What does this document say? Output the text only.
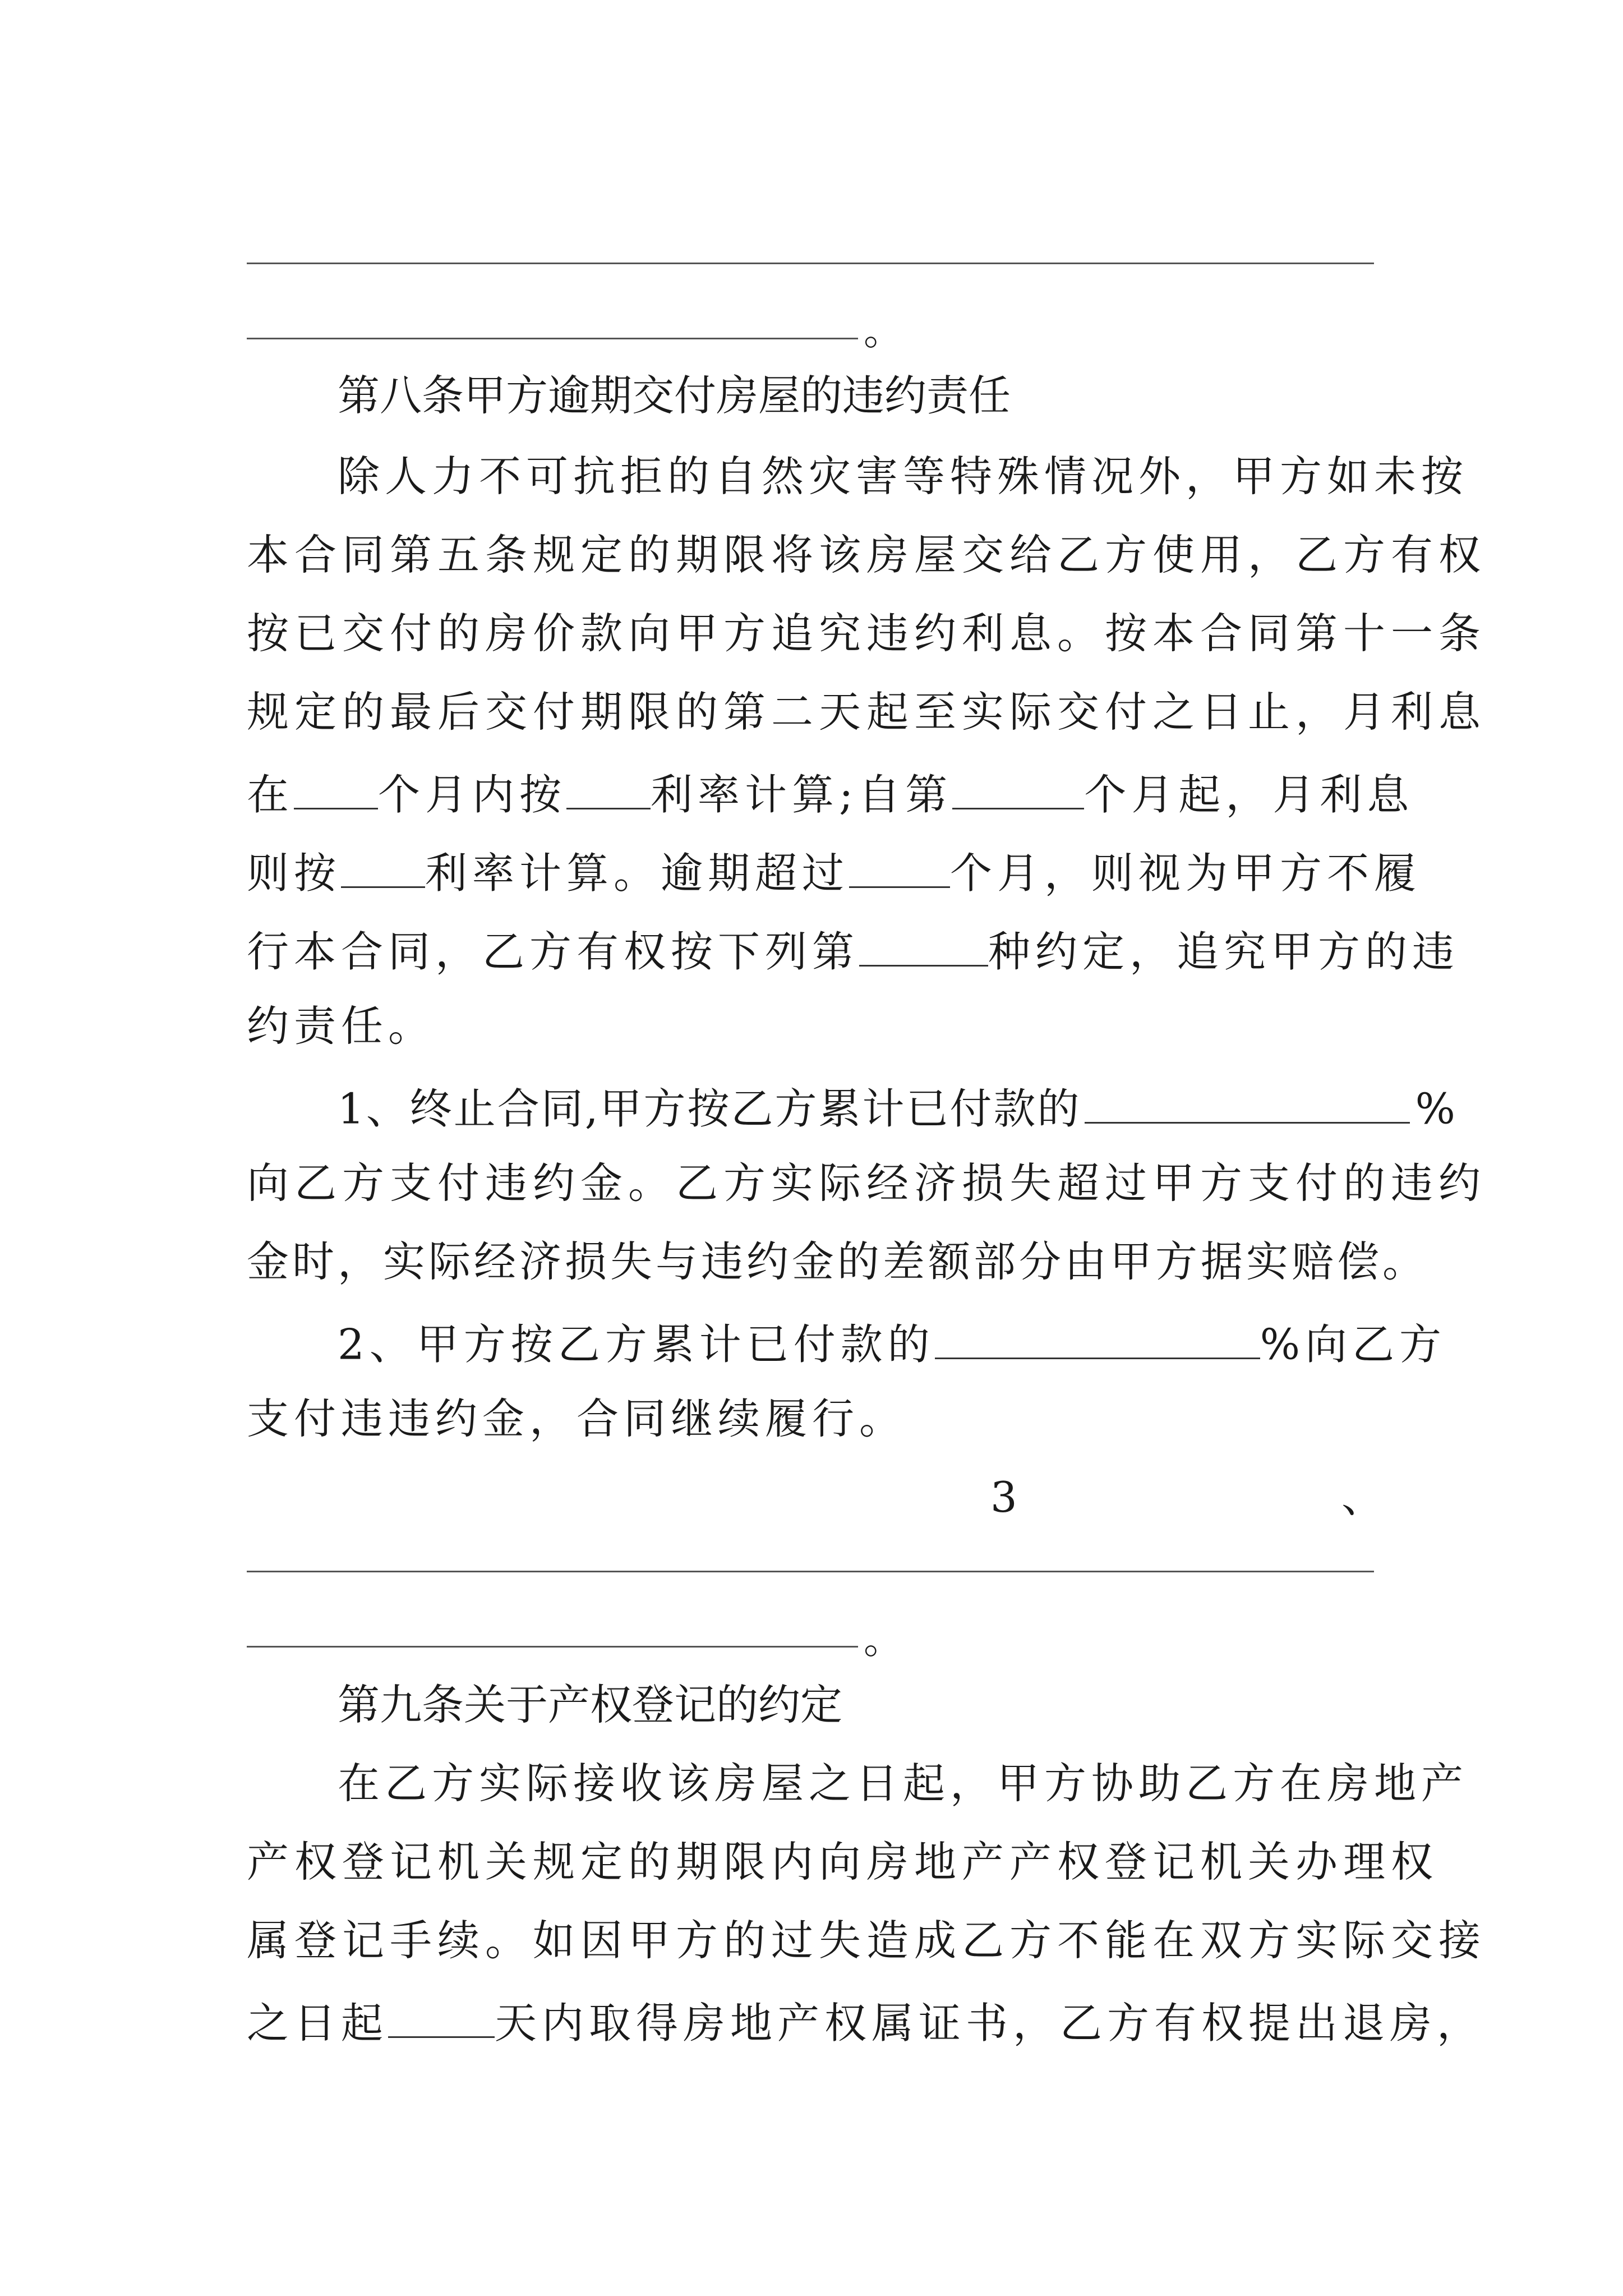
。
第八条甲方逾期交付房屋的违约责任
除人力不可抗拒的自然灾害等特殊情况外，甲方如未按
本合同第五条规定的期限将该房屋交给乙方使用，乙方有权
按已交付的房价款向甲方追究违约利息。按本合同第十一条
规定的最后交付期限的第二天起至实际交付之日止，月利息
在 个月内按 利率计算;自第	个月起，月利息
则按 利率计算。逾期超过 个月，则视为甲方不履
行本合同，乙方有权按下列第	种约定，追究甲方的违
约责任。
1、终止合同,甲方按乙方累计已付款的	%
向乙方支付违约金。乙方实际经济损失超过甲方支付的违约
金时，实际经济损失与违约金的差额部分由甲方据实赔偿。
2、甲方按乙方累计已付款的	%向乙方
支付违违约金，合同继续履行。
3	、
。
第九条关于产权登记的约定
在乙方实际接收该房屋之日起，甲方协助乙方在房地产
产权登记机关规定的期限内向房地产产权登记机关办理权
属登记手续。如因甲方的过失造成乙方不能在双方实际交接
之日起	天内取得房地产权属证书，乙方有权提出退房，
